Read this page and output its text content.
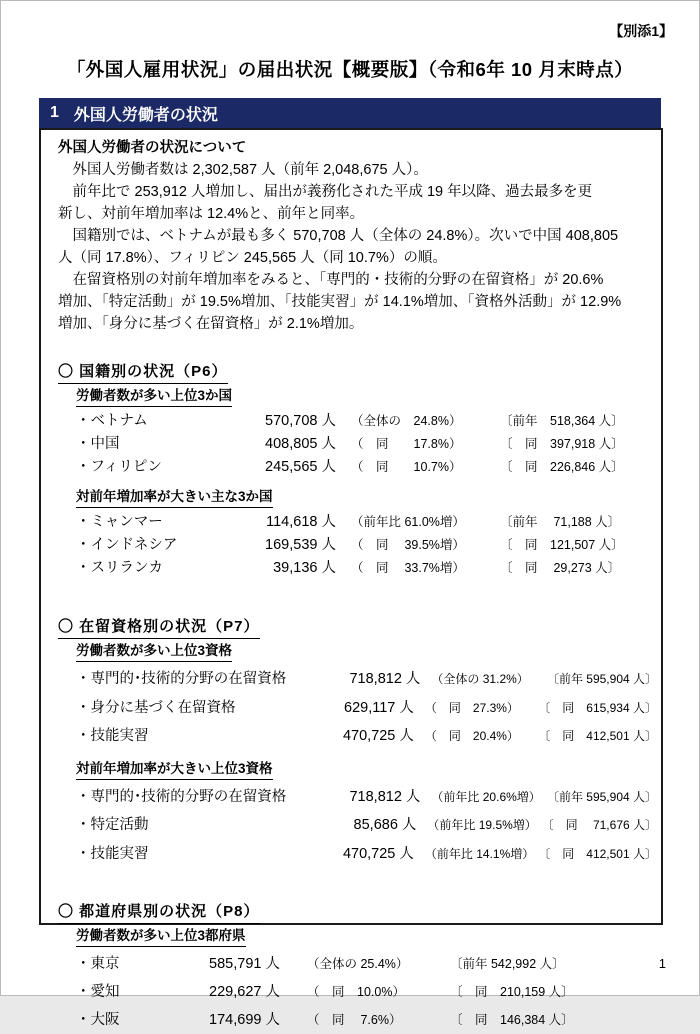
【別添1】
「外国人雇用状況」の届出状況【概要版】（令和6年 10 月末時点）
1 外国人労働者の状況
外国人労働者の状況について
　外国人労働者数は 2,302,587 人（前年 2,048,675 人）。
　前年比で 253,912 人増加し、届出が義務化された平成 19 年以降、過去最多を更
新し、対前年増加率は 12.4%と、前年と同率。
　国籍別では、ベトナムが最も多く 570,708 人（全体の 24.8%）。次いで中国 408,805
人（同 17.8%）、フィリピン 245,565 人（同 10.7%）の順。
　在留資格別の対前年増加率をみると、「専門的・技術的分野の在留資格」が 20.6%
増加、「特定活動」が 19.5%増加、「技能実習」が 14.1%増加、「資格外活動」が 12.9%
増加、「身分に基づく在留資格」が 2.1%増加。
〇 国籍別の状況（P6）
労働者数が多い上位3か国
・ベトナム	570,708 人 （全体の　24.8%）	〔前年　518,364 人〕
・中国	408,805 人 （　同　　17.8%）	〔　同　397,918 人〕
・フィリピン	245,565 人 （　同　　10.7%）	〔　同　226,846 人〕
対前年増加率が大きい主な3か国
・ミャンマー	114,618 人 （前年比 61.0%増）	〔前年　 71,188 人〕
・インドネシア	169,539 人 （　同　 39.5%増）	〔　同　121,507 人〕
・スリランカ	39,136 人 （　同　 33.7%増）	〔　同　 29,273 人〕
〇 在留資格別の状況（P7）
労働者数が多い上位3資格
・専門的･技術的分野の在留資格	718,812 人 （全体の 31.2%）	〔前年 595,904 人〕
・身分に基づく在留資格	629,117 人 （　同　27.3%）	〔　同　615,934 人〕
・技能実習	470,725 人 （　同　20.4%）	〔　同　412,501 人〕
対前年増加率が大きい上位3資格
・専門的･技術的分野の在留資格	718,812 人 （前年比 20.6%増） 〔前年 595,904 人〕
・特定活動	85,686 人 （前年比 19.5%増） 〔　同　 71,676 人〕
・技能実習	470,725 人 （前年比 14.1%増） 〔　同　412,501 人〕
〇 都道府県別の状況（P8）
労働者数が多い上位3都府県
・東京	585,791 人 （全体の 25.4%）	〔前年 542,992 人〕
・愛知	229,627 人 （　同　10.0%）	〔　同　210,159 人〕
・大阪	174,699 人 （　同　 7.6%）	〔　同　146,384 人〕
1
